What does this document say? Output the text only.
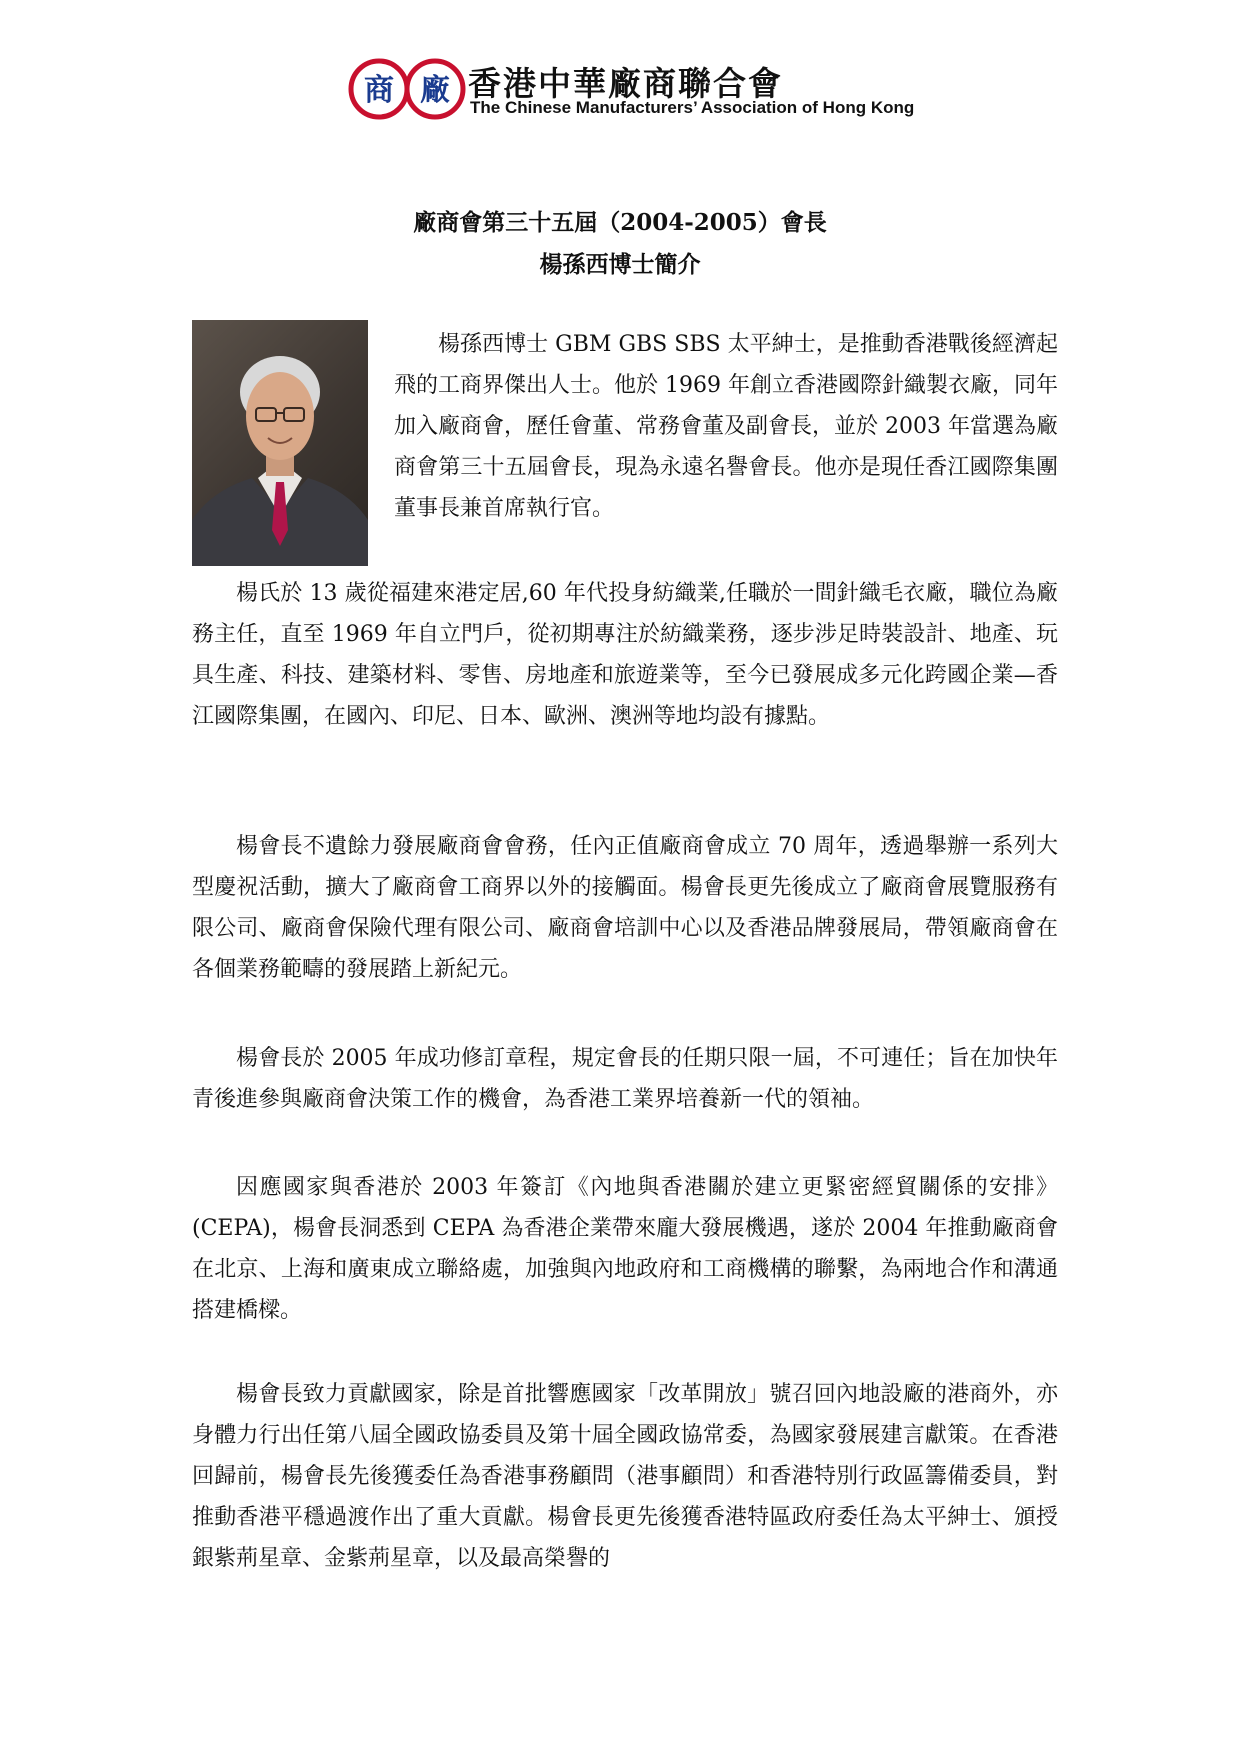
商 廠 香港中華廠商聯合會
The Chinese Manufacturers’ Association of Hong Kong
廠商會第三十五屆（2004-2005）會長
楊孫西博士簡介

楊孫西博士 GBM GBS SBS 太平紳士，是推動香港戰後經濟起飛的工商界傑出人士。他於 1969 年創立香港國際針織製衣廠，同年加入廠商會，歷任會董、常務會董及副會長，並於 2003 年當選為廠商會第三十五屆會長，現為永遠名譽會長。他亦是現任香江國際集團董事長兼首席執行官。

楊氏於 13 歲從福建來港定居,60 年代投身紡織業,任職於一間針織毛衣廠，職位為廠務主任，直至 1969 年自立門戶，從初期專注於紡織業務，逐步涉足時裝設計、地產、玩具生產、科技、建築材料、零售、房地產和旅遊業等，至今已發展成多元化跨國企業—香江國際集團，在國內、印尼、日本、歐洲、澳洲等地均設有據點。

楊會長不遺餘力發展廠商會會務，任內正值廠商會成立 70 周年，透過舉辦一系列大型慶祝活動，擴大了廠商會工商界以外的接觸面。楊會長更先後成立了廠商會展覽服務有限公司、廠商會保險代理有限公司、廠商會培訓中心以及香港品牌發展局，帶領廠商會在各個業務範疇的發展踏上新紀元。

楊會長於 2005 年成功修訂章程，規定會長的任期只限一屆，不可連任；旨在加快年青後進參與廠商會決策工作的機會，為香港工業界培養新一代的領袖。

因應國家與香港於 2003 年簽訂《內地與香港關於建立更緊密經貿關係的安排》(CEPA)，楊會長洞悉到 CEPA 為香港企業帶來龐大發展機遇，遂於 2004 年推動廠商會在北京、上海和廣東成立聯絡處，加強與內地政府和工商機構的聯繫，為兩地合作和溝通搭建橋樑。

楊會長致力貢獻國家，除是首批響應國家「改革開放」號召回內地設廠的港商外，亦身體力行出任第八屆全國政協委員及第十屆全國政協常委，為國家發展建言獻策。在香港回歸前，楊會長先後獲委任為香港事務顧問（港事顧問）和香港特別行政區籌備委員，對推動香港平穩過渡作出了重大貢獻。楊會長更先後獲香港特區政府委任為太平紳士、頒授銀紫荊星章、金紫荊星章，以及最高榮譽的
